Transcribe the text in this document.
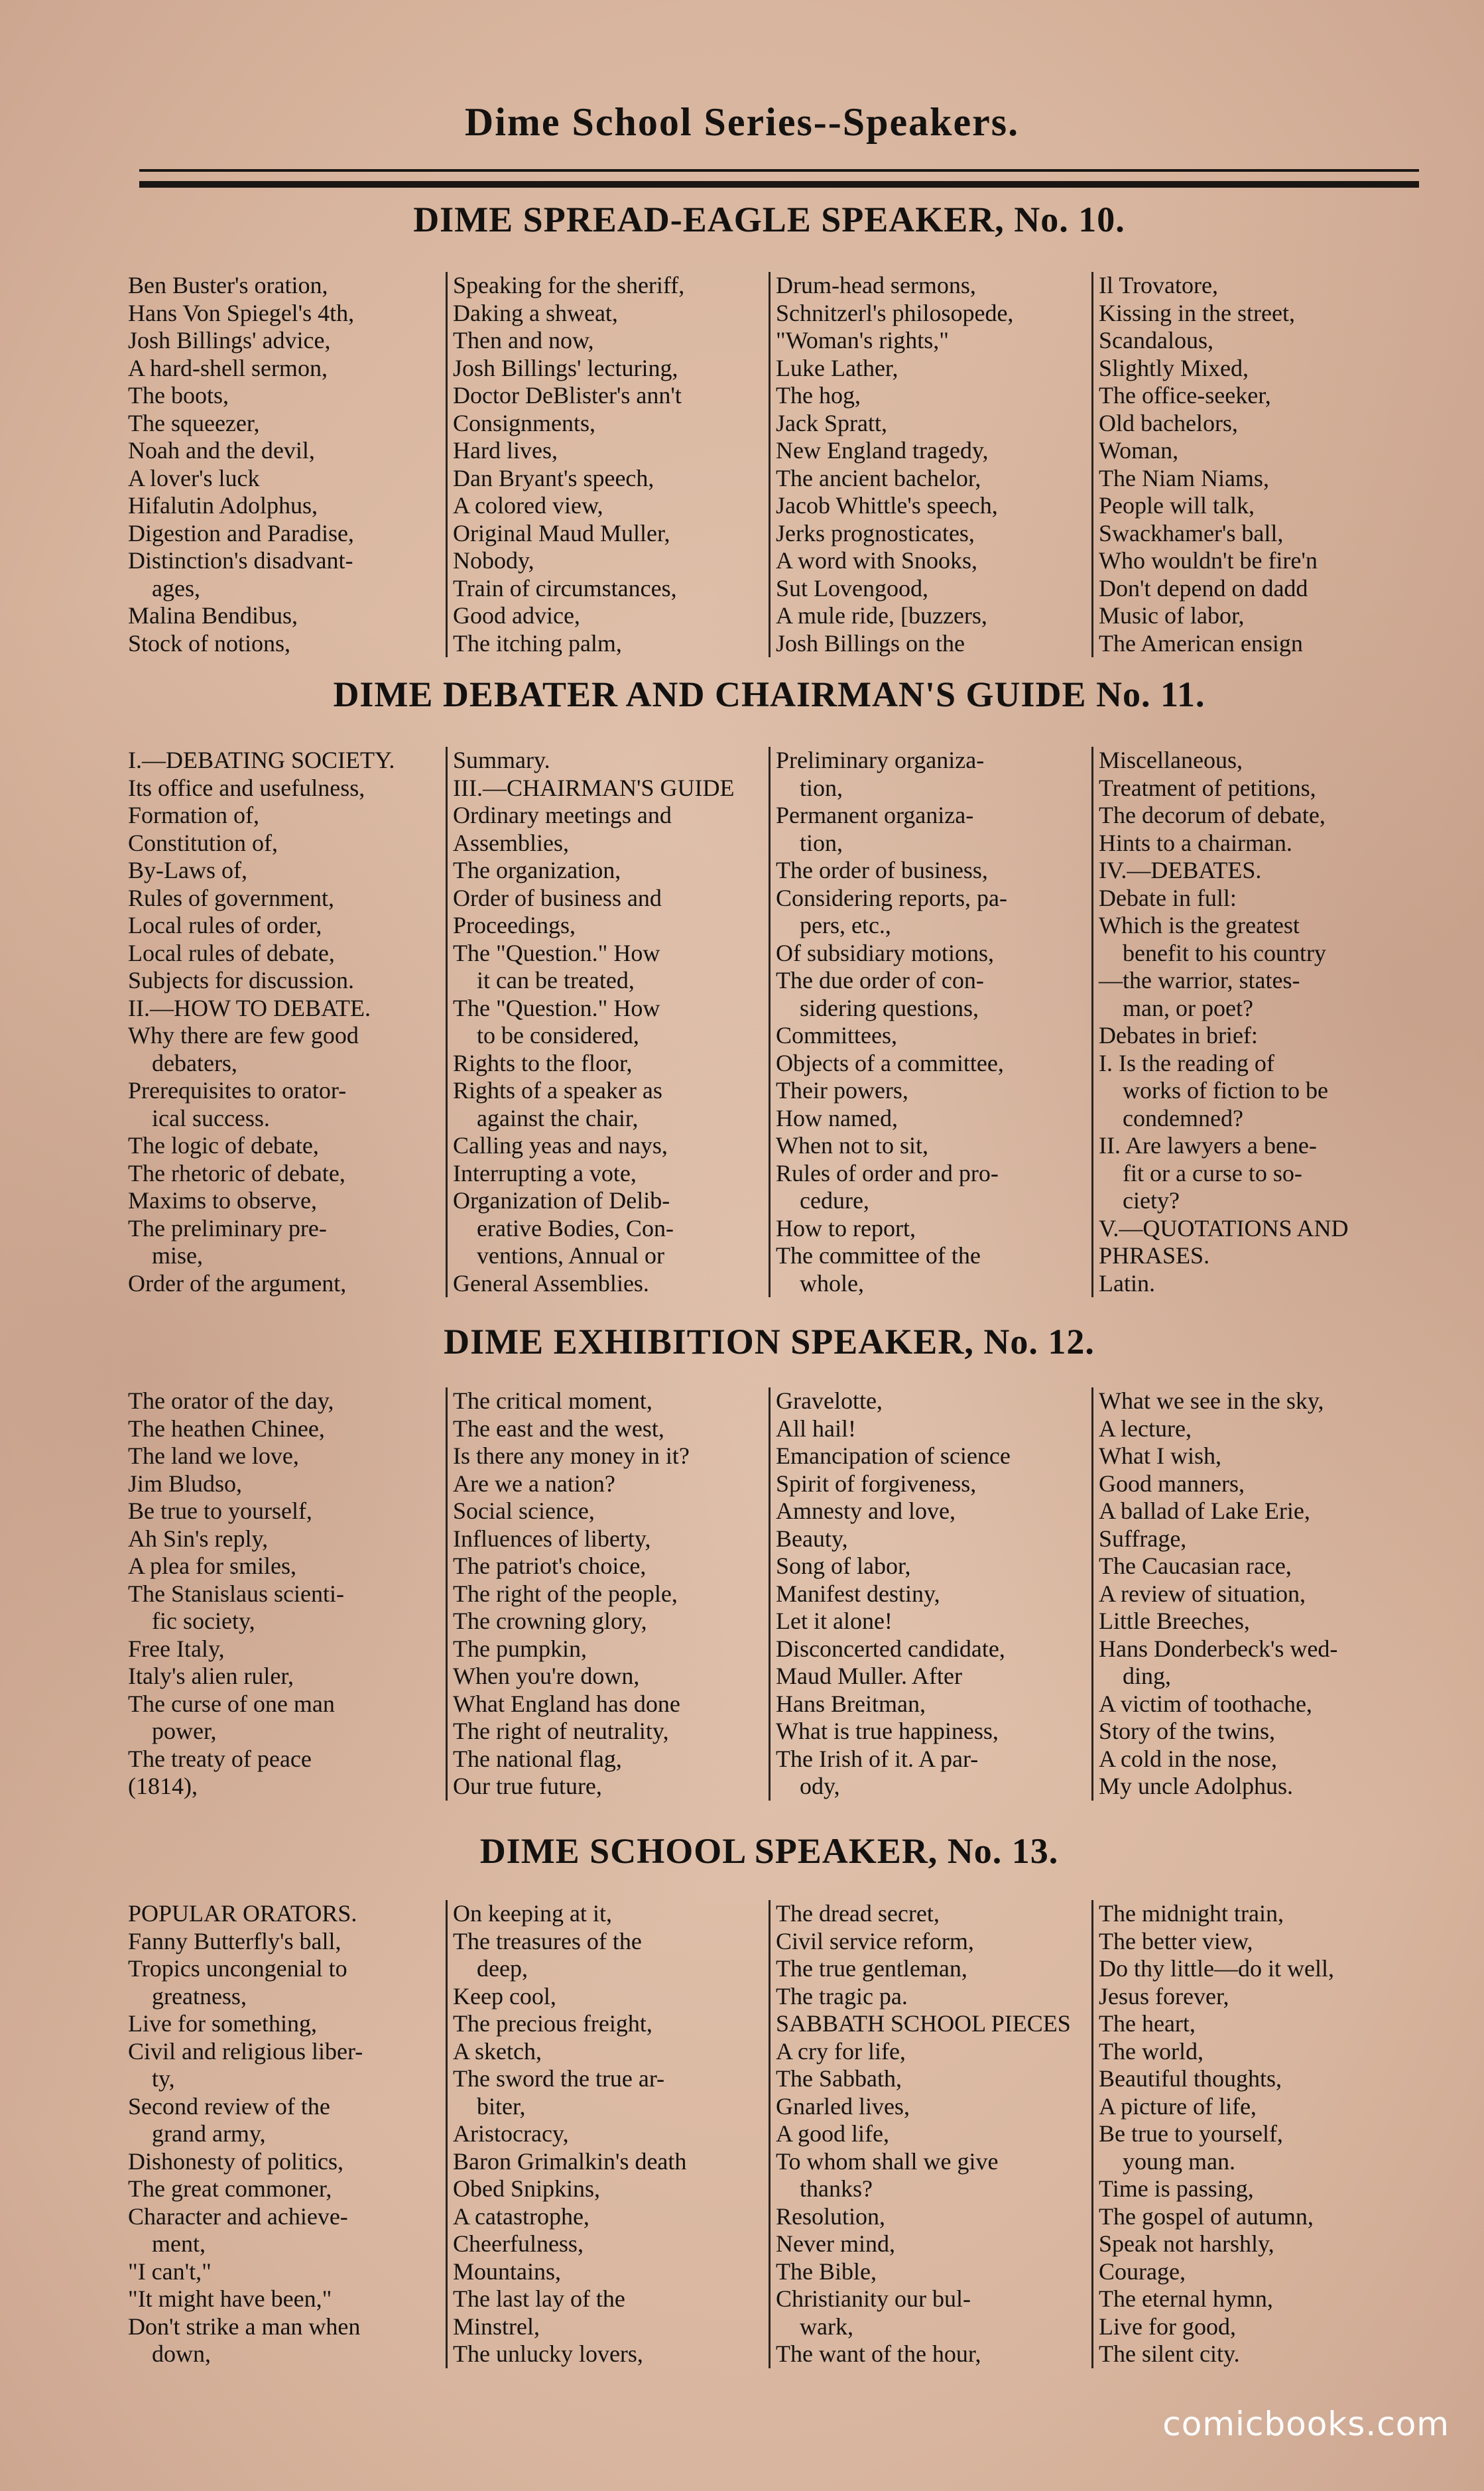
Dime School Series--Speakers.
DIME SPREAD-EAGLE SPEAKER, No. 10.
Ben Buster's oration,
Hans Von Spiegel's 4th,
Josh Billings' advice,
A hard-shell sermon,
The boots,
The squeezer,
Noah and the devil,
A lover's luck
Hifalutin Adolphus,
Digestion and Paradise,
Distinction's disadvant-
ages,
Malina Bendibus,
Stock of notions,
Speaking for the sheriff,
Daking a shweat,
Then and now,
Josh Billings' lecturing,
Doctor DeBlister's ann't
Consignments,
Hard lives,
Dan Bryant's speech,
A colored view,
Original Maud Muller,
Nobody,
Train of circumstances,
Good advice,
The itching palm,
Drum-head sermons,
Schnitzerl's philosopede,
"Woman's rights,"
Luke Lather,
The hog,
Jack Spratt,
New England tragedy,
The ancient bachelor,
Jacob Whittle's speech,
Jerks prognosticates,
A word with Snooks,
Sut Lovengood,
A mule ride, [buzzers,
Josh Billings on the
Il Trovatore,
Kissing in the street,
Scandalous,
Slightly Mixed,
The office-seeker,
Old bachelors,
Woman,
The Niam Niams,
People will talk,
Swackhamer's ball,
Who wouldn't be fire'n
Don't depend on dadd
Music of labor,
The American ensign
DIME DEBATER AND CHAIRMAN'S GUIDE No. 11.
I.—DEBATING SOCIETY.
Its office and usefulness,
Formation of,
Constitution of,
By-Laws of,
Rules of government,
Local rules of order,
Local rules of debate,
Subjects for discussion.
II.—HOW TO DEBATE.
Why there are few good
debaters,
Prerequisites to orator-
ical success.
The logic of debate,
The rhetoric of debate,
Maxims to observe,
The preliminary pre-
mise,
Order of the argument,
Summary.
III.—CHAIRMAN'S GUIDE
Ordinary meetings and
Assemblies,
The organization,
Order of business and
Proceedings,
The "Question." How
it can be treated,
The "Question." How
to be considered,
Rights to the floor,
Rights of a speaker as
against the chair,
Calling yeas and nays,
Interrupting a vote,
Organization of Delib-
erative Bodies, Con-
ventions, Annual or
General Assemblies.
Preliminary organiza-
tion,
Permanent organiza-
tion,
The order of business,
Considering reports, pa-
pers, etc.,
Of subsidiary motions,
The due order of con-
sidering questions,
Committees,
Objects of a committee,
Their powers,
How named,
When not to sit,
Rules of order and pro-
cedure,
How to report,
The committee of the
whole,
Miscellaneous,
Treatment of petitions,
The decorum of debate,
Hints to a chairman.
IV.—DEBATES.
Debate in full:
Which is the greatest
benefit to his country
—the warrior, states-
man, or poet?
Debates in brief:
I. Is the reading of
works of fiction to be
condemned?
II. Are lawyers a bene-
fit or a curse to so-
ciety?
V.—QUOTATIONS AND
PHRASES.
Latin.
DIME EXHIBITION SPEAKER, No. 12.
The orator of the day,
The heathen Chinee,
The land we love,
Jim Bludso,
Be true to yourself,
Ah Sin's reply,
A plea for smiles,
The Stanislaus scienti-
fic society,
Free Italy,
Italy's alien ruler,
The curse of one man
power,
The treaty of peace
(1814),
The critical moment,
The east and the west,
Is there any money in it?
Are we a nation?
Social science,
Influences of liberty,
The patriot's choice,
The right of the people,
The crowning glory,
The pumpkin,
When you're down,
What England has done
The right of neutrality,
The national flag,
Our true future,
Gravelotte,
All hail!
Emancipation of science
Spirit of forgiveness,
Amnesty and love,
Beauty,
Song of labor,
Manifest destiny,
Let it alone!
Disconcerted candidate,
Maud Muller. After
Hans Breitman,
What is true happiness,
The Irish of it. A par-
ody,
What we see in the sky,
A lecture,
What I wish,
Good manners,
A ballad of Lake Erie,
Suffrage,
The Caucasian race,
A review of situation,
Little Breeches,
Hans Donderbeck's wed-
ding,
A victim of toothache,
Story of the twins,
A cold in the nose,
My uncle Adolphus.
DIME SCHOOL SPEAKER, No. 13.
POPULAR ORATORS.
Fanny Butterfly's ball,
Tropics uncongenial to
greatness,
Live for something,
Civil and religious liber-
ty,
Second review of the
grand army,
Dishonesty of politics,
The great commoner,
Character and achieve-
ment,
"I can't,"
"It might have been,"
Don't strike a man when
down,
On keeping at it,
The treasures of the
deep,
Keep cool,
The precious freight,
A sketch,
The sword the true ar-
biter,
Aristocracy,
Baron Grimalkin's death
Obed Snipkins,
A catastrophe,
Cheerfulness,
Mountains,
The last lay of the
Minstrel,
The unlucky lovers,
The dread secret,
Civil service reform,
The true gentleman,
The tragic pa.
SABBATH SCHOOL PIECES
A cry for life,
The Sabbath,
Gnarled lives,
A good life,
To whom shall we give
thanks?
Resolution,
Never mind,
The Bible,
Christianity our bul-
wark,
The want of the hour,
The midnight train,
The better view,
Do thy little—do it well,
Jesus forever,
The heart,
The world,
Beautiful thoughts,
A picture of life,
Be true to yourself,
young man.
Time is passing,
The gospel of autumn,
Speak not harshly,
Courage,
The eternal hymn,
Live for good,
The silent city.
comicbooks.com
